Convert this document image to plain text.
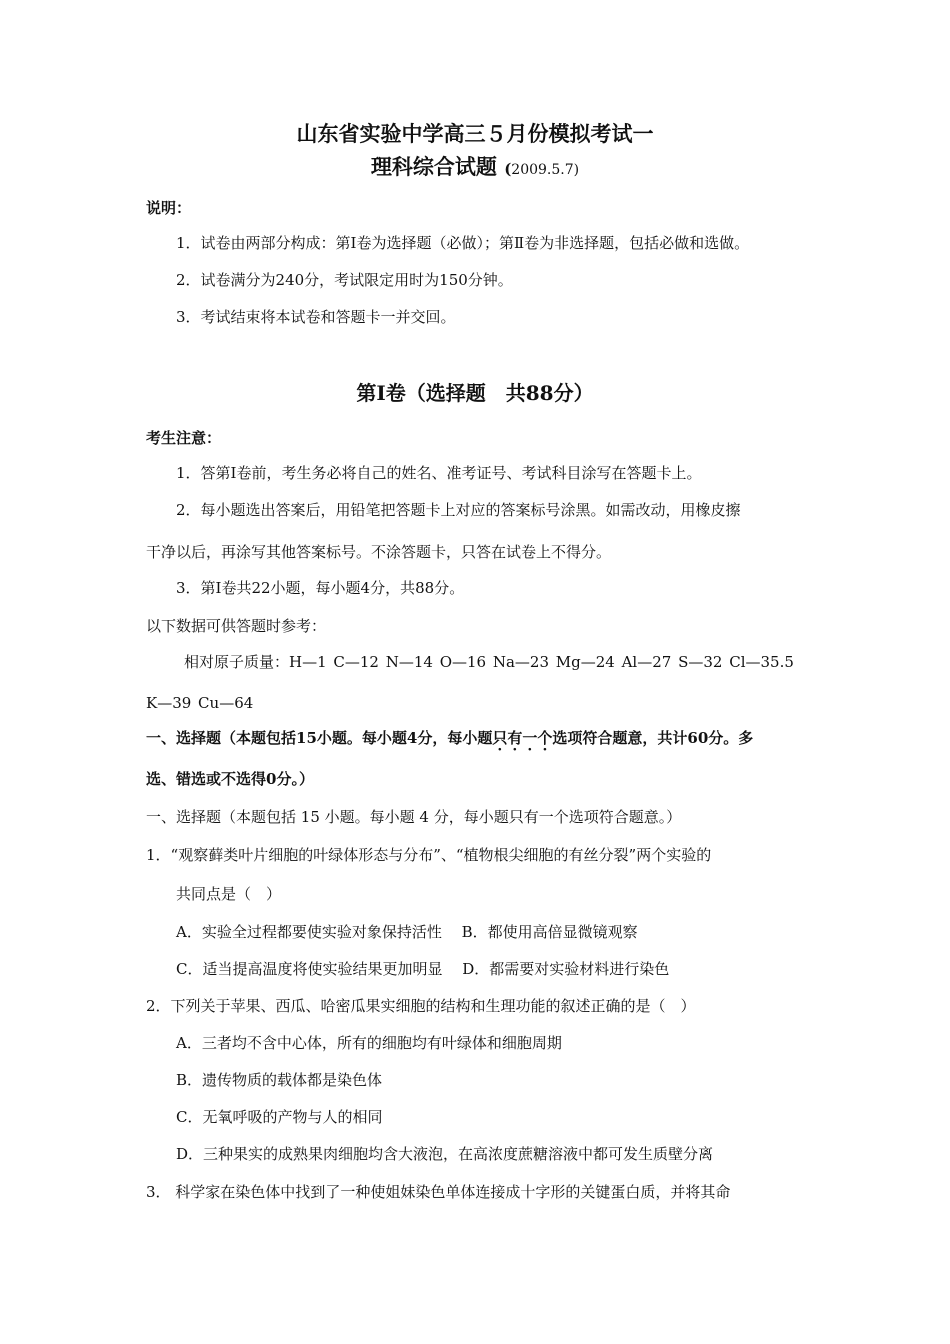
山东省实验中学高三５月份模拟考试一
理科综合试题 (2009.5.7)
说明：
1．试卷由两部分构成：第Ⅰ卷为选择题（必做）；第Ⅱ卷为非选择题，包括必做和选做。
2．试卷满分为240分，考试限定用时为150分钟。
3．考试结束将本试卷和答题卡一并交回。
第Ⅰ卷（选择题　共88分）
考生注意：
1．答第Ⅰ卷前，考生务必将自己的姓名、准考证号、考试科目涂写在答题卡上。
2．每小题选出答案后，用铅笔把答题卡上对应的答案标号涂黑。如需改动，用橡皮擦
干净以后，再涂写其他答案标号。不涂答题卡，只答在试卷上不得分。
3．第Ⅰ卷共22小题，每小题4分，共88分。
以下数据可供答题时参考：
相对原子质量：H—1 C—12 N—14 O—16 Na—23 Mg—24 Al—27 S—32 Cl—35.5
K—39 Cu—64
一、选择题（本题包括15小题。每小题4分，每小题只有一个选项符合题意，共计60分。多
选、错选或不选得0分。）
一、选择题（本题包括 15 小题。每小题 4 分，每小题只有一个选项符合题意。）
1．“观察藓类叶片细胞的叶绿体形态与分布”、“植物根尖细胞的有丝分裂”两个实验的
共同点是（　）
A．实验全过程都要使实验对象保持活性　 B．都使用高倍显微镜观察
C．适当提高温度将使实验结果更加明显　 D．都需要对实验材料进行染色
2．下列关于苹果、西瓜、哈密瓜果实细胞的结构和生理功能的叙述正确的是（　）
A．三者均不含中心体，所有的细胞均有叶绿体和细胞周期
B．遗传物质的载体都是染色体
C．无氧呼吸的产物与人的相同
D．三种果实的成熟果肉细胞均含大液泡，在高浓度蔗糖溶液中都可发生质壁分离
3． 科学家在染色体中找到了一种使姐妹染色单体连接成十字形的关键蛋白质，并将其命
